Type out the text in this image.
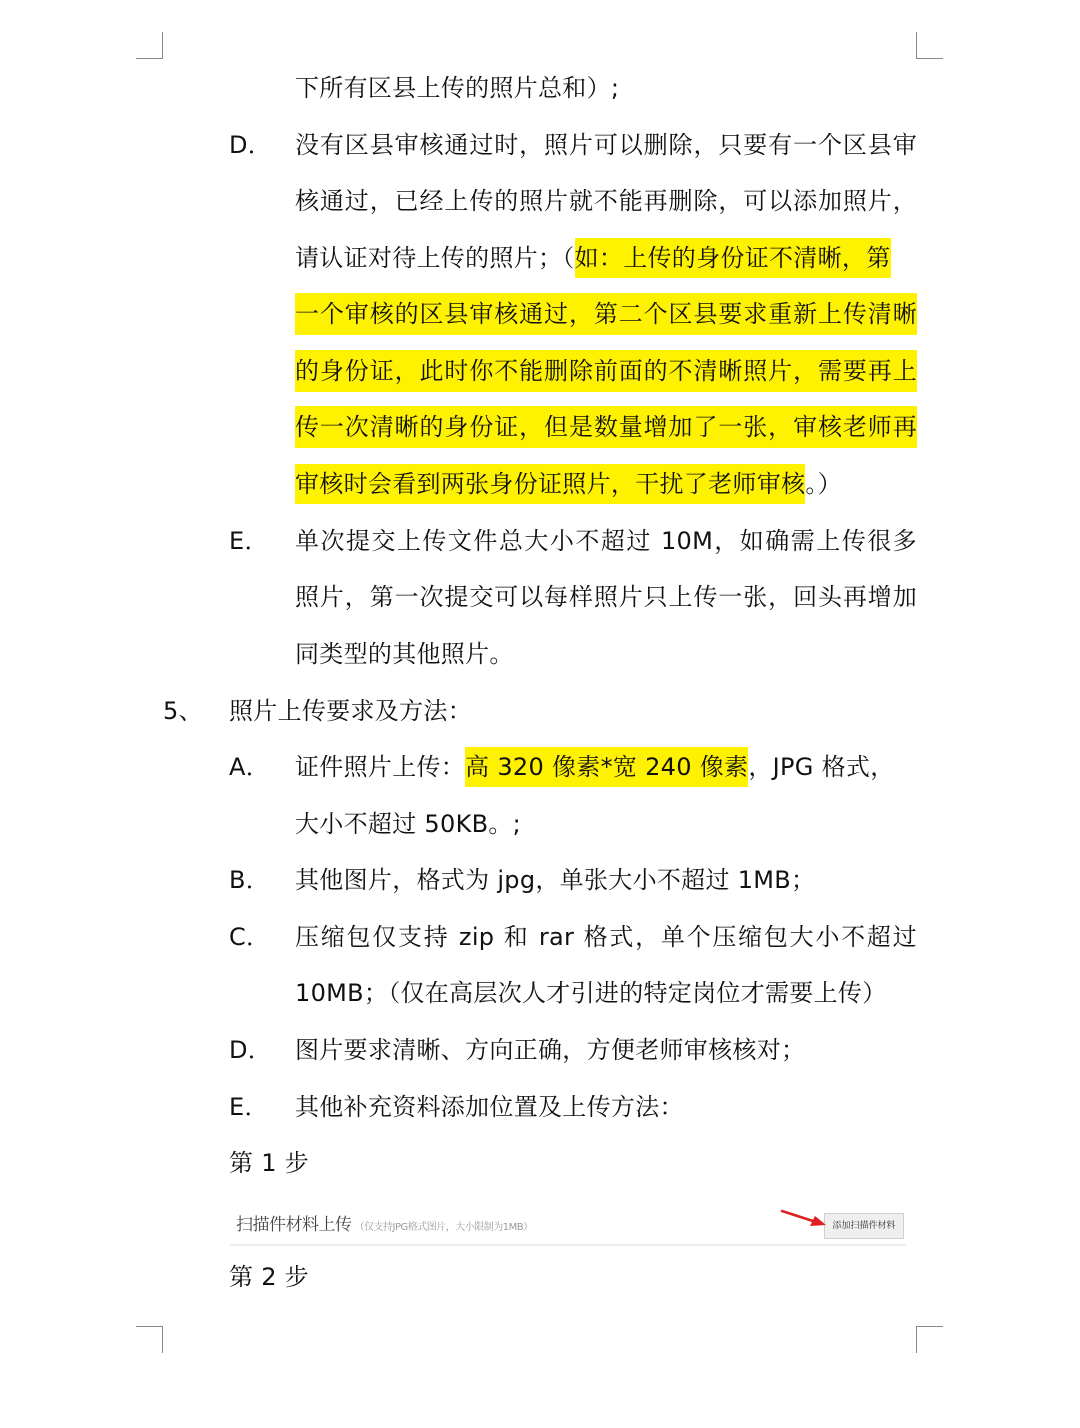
下所有区县上传的照片总和）;
D． 没有区县审核通过时，照片可以删除，只要有一个区县审
核通过，已经上传的照片就不能再删除，可以添加照片，
请认证对待上传的照片；（如：上传的身份证不清晰，第
一个审核的区县审核通过，第二个区县要求重新上传清晰
的身份证，此时你不能删除前面的不清晰照片，需要再上
传一次清晰的身份证，但是数量增加了一张，审核老师再
审核时会看到两张身份证照片，干扰了老师审核。）
E． 单次提交上传文件总大小不超过 10M，如确需上传很多
照片，第一次提交可以每样照片只上传一张，回头再增加
同类型的其他照片。
5、 照片上传要求及方法：
A． 证件照片上传：高 320 像素*宽 240 像素，JPG 格式，
大小不超过 50KB。;
B． 其他图片，格式为 jpg，单张大小不超过 1MB；
C． 压缩包仅支持 zip 和 rar 格式，单个压缩包大小不超过
10MB；（仅在高层次人才引进的特定岗位才需要上传）
D． 图片要求清晰、方向正确，方便老师审核核对；
E． 其他补充资料添加位置及上传方法：
第 1 步
扫描件材料上传 （仅支持JPG格式图片，大小限制为1MB）	添加扫描件材料
第 2 步
